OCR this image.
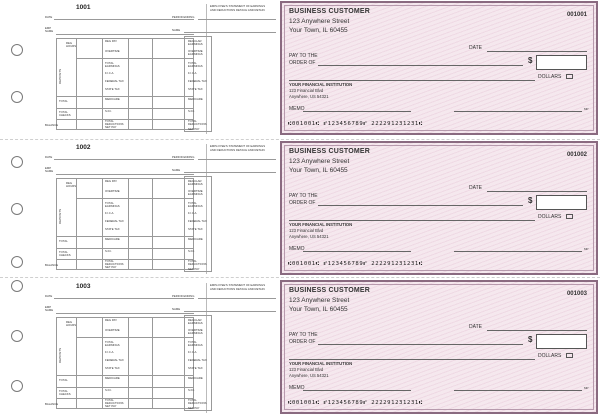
1001
DATE
EMP NAME
REG HOURS
REG PAY
OVERTIME
TOTAL EARNINGS
F.I.C.A.
FEDERAL TAX
STATE TAX
MEDICARE
S.D.I.
TOTAL DEDUCTIONS
NET PAY
DEPOSITS
TOTAL
TOTAL CHECKS
BALANCE
EMPLOYEE'S STATEMENT OF EARNINGS
AND DEDUCTIONS DETACH AND RETAIN
PERIOD ENDING
NAME
REGULAR EARNINGS
OVERTIME EARNINGS
TOTAL EARNINGS
F.I.C.A.
FEDERAL TAX
STATE TAX
MEDICARE
S.D.I.
TOTAL DEDUCTIONS
NET PAY
BUSINESS CUSTOMER
123 Anywhere Street
Your Town, IL 60455
001001
DATE
PAY TO THE
ORDER OF	$
DOLLARS
YOUR FINANCIAL INSTITUTION
123 Financial Blvd
Anywhere, US 54321
MEMO	MP
⑆001001⑆ ⑈123456789⑈ 222291231231⑆
1002
DATE
EMP NAME
REG HOURS
REG PAY
OVERTIME
TOTAL EARNINGS
F.I.C.A.
FEDERAL TAX
STATE TAX
MEDICARE
S.D.I.
TOTAL DEDUCTIONS
NET PAY
DEPOSITS
TOTAL
TOTAL CHECKS
BALANCE
EMPLOYEE'S STATEMENT OF EARNINGS
AND DEDUCTIONS DETACH AND RETAIN
PERIOD ENDING
NAME
REGULAR EARNINGS
OVERTIME EARNINGS
TOTAL EARNINGS
F.I.C.A.
FEDERAL TAX
STATE TAX
MEDICARE
S.D.I.
TOTAL DEDUCTIONS
NET PAY
BUSINESS CUSTOMER
123 Anywhere Street
Your Town, IL 60455
001002
DATE
PAY TO THE
ORDER OF	$
DOLLARS
YOUR FINANCIAL INSTITUTION
123 Financial Blvd
Anywhere, US 54321
MEMO	MP
⑆001001⑆ ⑈123456789⑈ 222291231231⑆
1003
DATE
EMP NAME
REG HOURS
REG PAY
OVERTIME
TOTAL EARNINGS
F.I.C.A.
FEDERAL TAX
STATE TAX
MEDICARE
S.D.I.
TOTAL DEDUCTIONS
NET PAY
DEPOSITS
TOTAL
TOTAL CHECKS
BALANCE
EMPLOYEE'S STATEMENT OF EARNINGS
AND DEDUCTIONS DETACH AND RETAIN
PERIOD ENDING
NAME
REGULAR EARNINGS
OVERTIME EARNINGS
TOTAL EARNINGS
F.I.C.A.
FEDERAL TAX
STATE TAX
MEDICARE
S.D.I.
TOTAL DEDUCTIONS
NET PAY
BUSINESS CUSTOMER
123 Anywhere Street
Your Town, IL 60455
001003
DATE
PAY TO THE
ORDER OF	$
DOLLARS
YOUR FINANCIAL INSTITUTION
123 Financial Blvd
Anywhere, US 54321
MEMO	MP
⑆001001⑆ ⑈123456789⑈ 222291231231⑆
